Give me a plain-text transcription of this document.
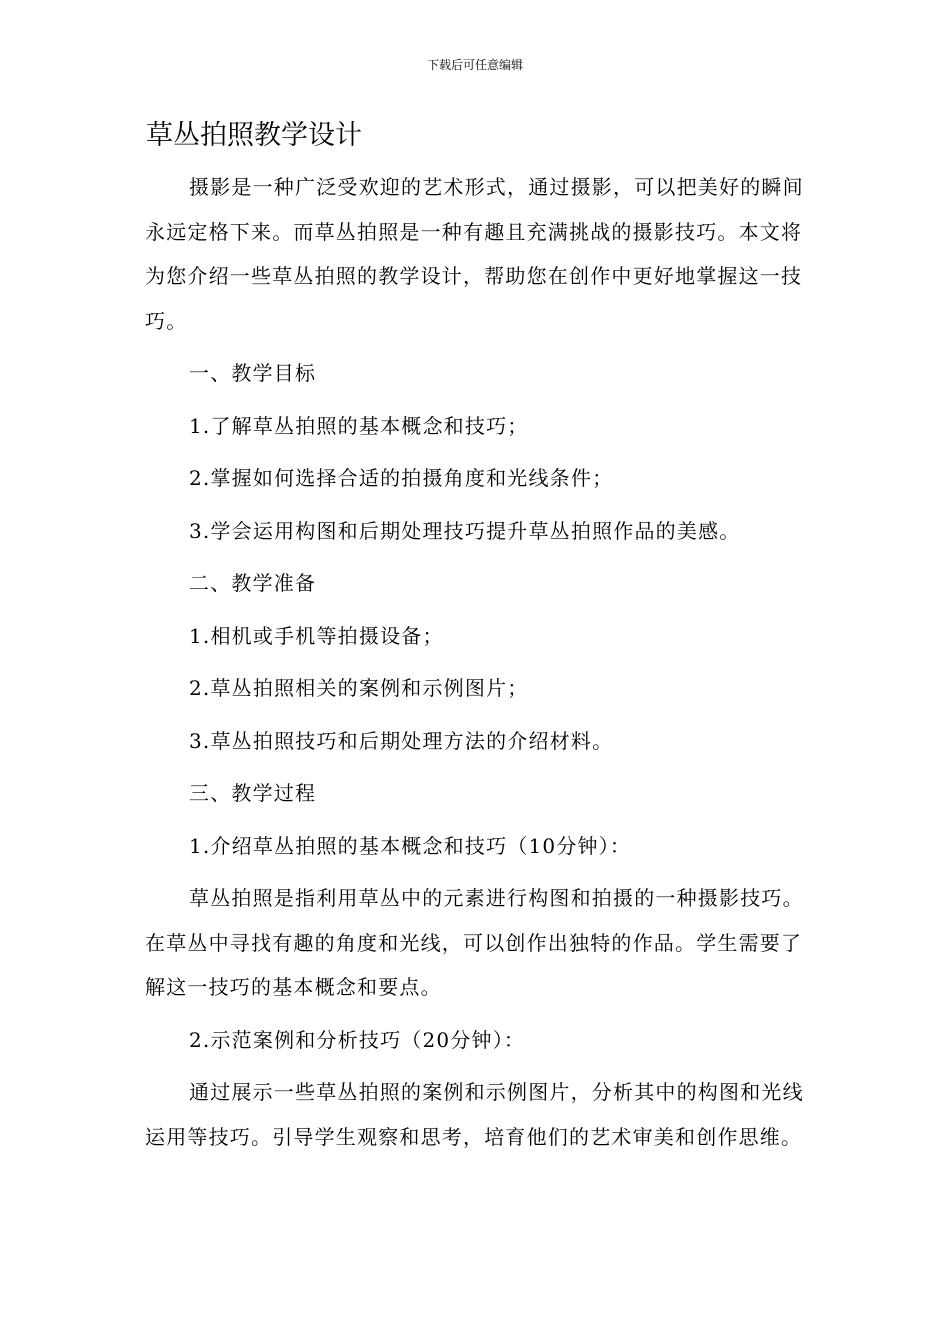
下载后可任意编辑
草丛拍照教学设计

摄影是一种广泛受欢迎的艺术形式，通过摄影，可以把美好的瞬间永远定格下来。而草丛拍照是一种有趣且充满挑战的摄影技巧。本文将为您介绍一些草丛拍照的教学设计，帮助您在创作中更好地掌握这一技巧。

一、教学目标

1.了解草丛拍照的基本概念和技巧；

2.掌握如何选择合适的拍摄角度和光线条件；

3.学会运用构图和后期处理技巧提升草丛拍照作品的美感。

二、教学准备

1.相机或手机等拍摄设备；

2.草丛拍照相关的案例和示例图片；

3.草丛拍照技巧和后期处理方法的介绍材料。

三、教学过程

1.介绍草丛拍照的基本概念和技巧（10分钟）：

草丛拍照是指利用草丛中的元素进行构图和拍摄的一种摄影技巧。在草丛中寻找有趣的角度和光线，可以创作出独特的作品。学生需要了解这一技巧的基本概念和要点。

2.示范案例和分析技巧（20分钟）：

通过展示一些草丛拍照的案例和示例图片，分析其中的构图和光线运用等技巧。引导学生观察和思考，培育他们的艺术审美和创作思维。
